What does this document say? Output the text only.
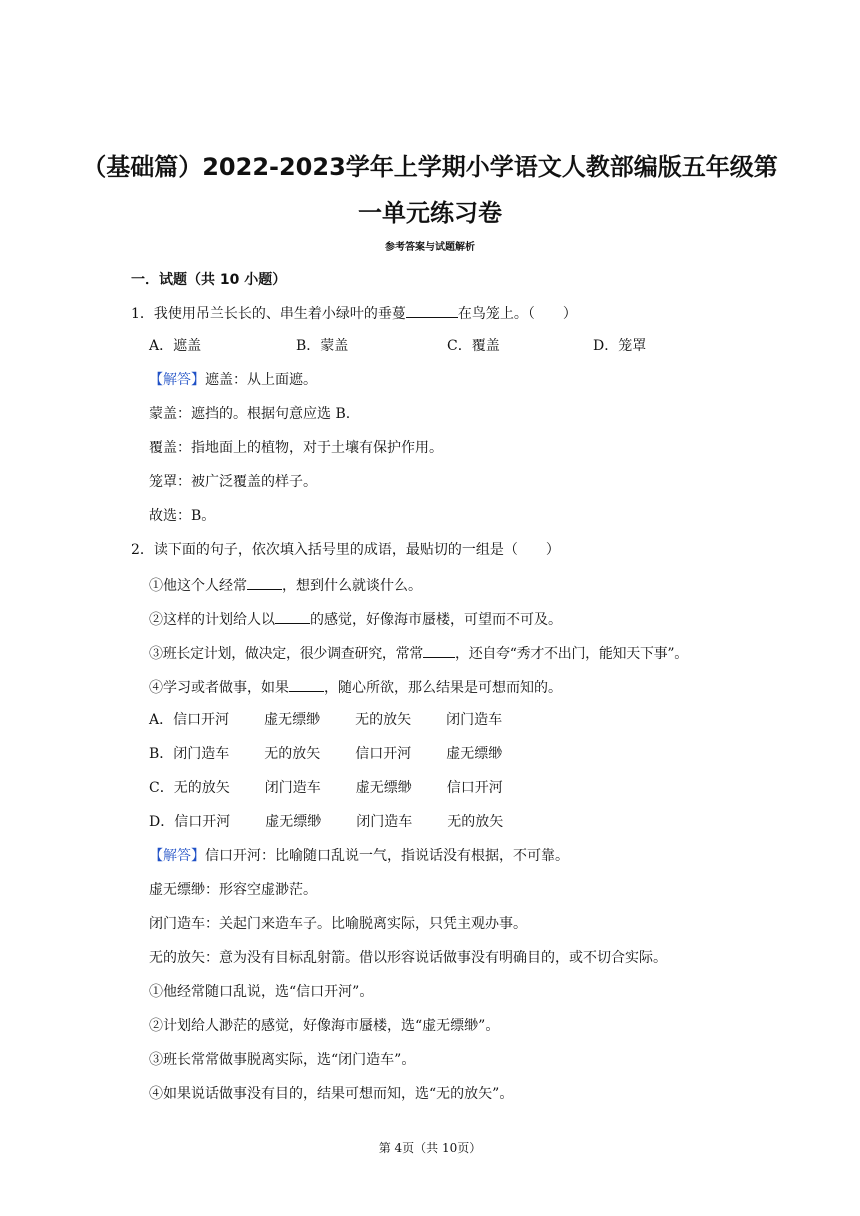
（基础篇）2022-2023学年上学期小学语文人教部编版五年级第
一单元练习卷
参考答案与试题解析
一．试题（共 10 小题）
1．我使用吊兰长长的、串生着小绿叶的垂蔓	在鸟笼上。（　　）
A．遮盖	B．蒙盖	C．覆盖	D．笼罩
【解答】遮盖：从上面遮。
蒙盖：遮挡的。根据句意应选 B.
覆盖：指地面上的植物，对于土壤有保护作用。
笼罩：被广泛覆盖的样子。
故选：B。
2．读下面的句子，依次填入括号里的成语，最贴切的一组是（　　）
①他这个人经常	，想到什么就谈什么。
②这样的计划给人以	的感觉，好像海市蜃楼，可望而不可及。
③班长定计划，做决定，很少调查研究，常常 ，还自夸“秀才不出门，能知天下事”。
④学习或者做事，如果	，随心所欲，那么结果是可想而知的。
A．信口开河	虚无缥缈	无的放矢	闭门造车
B．闭门造车	无的放矢	信口开河	虚无缥缈
C．无的放矢	闭门造车	虚无缥缈	信口开河
D．信口开河	虚无缥缈	闭门造车	无的放矢
【解答】信口开河：比喻随口乱说一气，指说话没有根据，不可靠。
虚无缥缈：形容空虚渺茫。
闭门造车：关起门来造车子。比喻脱离实际，只凭主观办事。
无的放矢：意为没有目标乱射箭。借以形容说话做事没有明确目的，或不切合实际。
①他经常随口乱说，选“信口开河”。
②计划给人渺茫的感觉，好像海市蜃楼，选“虚无缥缈”。
③班长常常做事脱离实际，选“闭门造车”。
④如果说话做事没有目的，结果可想而知，选“无的放矢”。
第 4页（共 10页）
